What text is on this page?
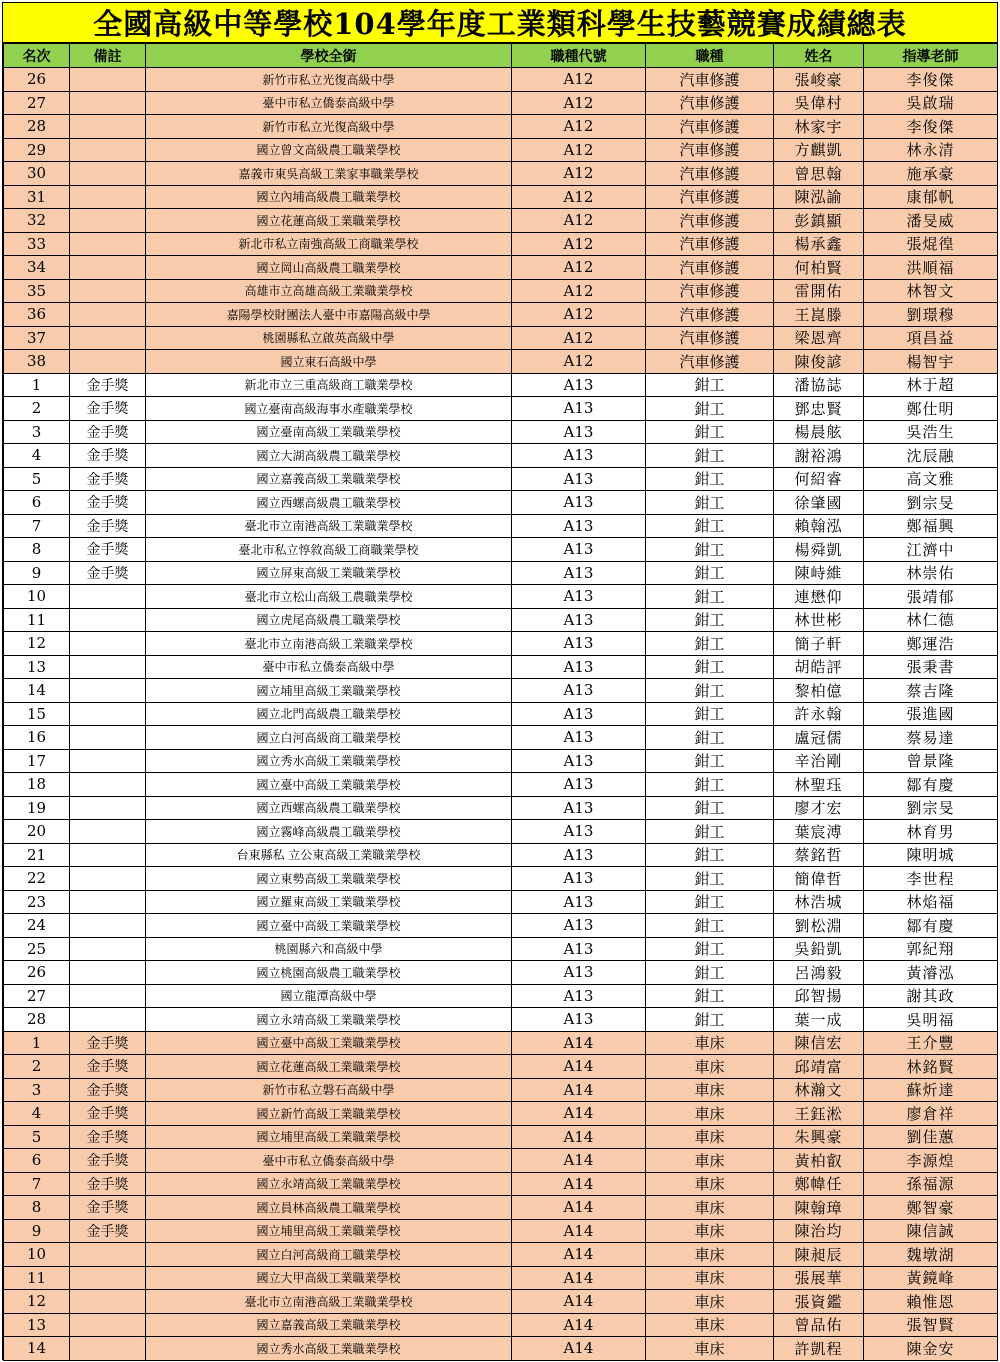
全國高級中等學校104學年度工業類科學生技藝競賽成績總表
名次	備註	學校全銜	職種代號	職種	姓名	指導老師
26		新竹市私立光復高級中學	A12	汽車修護	張峻豪	李俊傑
27		臺中市私立僑泰高級中學	A12	汽車修護	吳偉村	吳啟瑞
28		新竹市私立光復高級中學	A12	汽車修護	林家宇	李俊傑
29		國立曾文高級農工職業學校	A12	汽車修護	方麒凱	林永清
30		嘉義市東吳高級工業家事職業學校	A12	汽車修護	曾思翰	施承豪
31		國立內埔高級農工職業學校	A12	汽車修護	陳泓諭	康郁帆
32		國立花蓮高級工業職業學校	A12	汽車修護	彭鎮顯	潘旻威
33		新北市私立南強高級工商職業學校	A12	汽車修護	楊承鑫	張焜徨
34		國立岡山高級農工職業學校	A12	汽車修護	何柏賢	洪順福
35		高雄市立高雄高級工業職業學校	A12	汽車修護	雷開佑	林智文
36		嘉陽學校財團法人臺中市嘉陽高級中學	A12	汽車修護	王崑滕	劉璟穆
37		桃園縣私立啟英高級中學	A12	汽車修護	梁恩齊	項昌益
38		國立東石高級中學	A12	汽車修護	陳俊諺	楊智宇
1	金手獎	新北市立三重高級商工職業學校	A13	鉗工	潘協誌	林于超
2	金手獎	國立臺南高級海事水產職業學校	A13	鉗工	鄧忠賢	鄭仕明
3	金手獎	國立臺南高級工業職業學校	A13	鉗工	楊晨舷	吳浩生
4	金手獎	國立大湖高級農工職業學校	A13	鉗工	謝裕鴻	沈辰融
5	金手獎	國立嘉義高級工業職業學校	A13	鉗工	何紹睿	高文雅
6	金手獎	國立西螺高級農工職業學校	A13	鉗工	徐肇國	劉宗旻
7	金手獎	臺北市立南港高級工業職業學校	A13	鉗工	賴翰泓	鄭福興
8	金手獎	臺北市私立惇敘高級工商職業學校	A13	鉗工	楊舜凱	江濟中
9	金手獎	國立屏東高級工業職業學校	A13	鉗工	陳峙維	林崇佑
10		臺北市立松山高級工農職業學校	A13	鉗工	連懋仰	張靖郁
11		國立虎尾高級農工職業學校	A13	鉗工	林世彬	林仁德
12		臺北市立南港高級工業職業學校	A13	鉗工	簡子軒	鄭運浩
13		臺中市私立僑泰高級中學	A13	鉗工	胡皓評	張秉書
14		國立埔里高級工業職業學校	A13	鉗工	黎柏億	蔡吉隆
15		國立北門高級農工職業學校	A13	鉗工	許永翰	張進國
16		國立白河高級商工職業學校	A13	鉗工	盧冠儒	蔡易達
17		國立秀水高級工業職業學校	A13	鉗工	辛治剛	曾景隆
18		國立臺中高級工業職業學校	A13	鉗工	林聖珏	鄒有慶
19		國立西螺高級農工職業學校	A13	鉗工	廖才宏	劉宗旻
20		國立霧峰高級農工職業學校	A13	鉗工	葉宸溥	林育男
21		台東縣私 立公東高級工業職業學校	A13	鉗工	蔡銘哲	陳明城
22		國立東勢高級工業職業學校	A13	鉗工	簡偉哲	李世程
23		國立羅東高級工業職業學校	A13	鉗工	林浩城	林焰福
24		國立臺中高級工業職業學校	A13	鉗工	劉松淵	鄒有慶
25		桃園縣六和高級中學	A13	鉗工	吳鉛凱	郭紀翔
26		國立桃園高級農工職業學校	A13	鉗工	呂鴻毅	黃濬泓
27		國立龍潭高級中學	A13	鉗工	邱智揚	謝其政
28		國立永靖高級工業職業學校	A13	鉗工	葉一成	吳明福
1	金手獎	國立臺中高級工業職業學校	A14	車床	陳信宏	王介豐
2	金手獎	國立花蓮高級工業職業學校	A14	車床	邱靖富	林銘賢
3	金手獎	新竹市私立磐石高級中學	A14	車床	林瀚文	蘇炘達
4	金手獎	國立新竹高級工業職業學校	A14	車床	王鈺淞	廖倉祥
5	金手獎	國立埔里高級工業職業學校	A14	車床	朱興豪	劉佳蕙
6	金手獎	臺中市私立僑泰高級中學	A14	車床	黃柏叡	李源煌
7	金手獎	國立永靖高級工業職業學校	A14	車床	鄭幃任	孫福源
8	金手獎	國立員林高級農工職業學校	A14	車床	陳翰璋	鄭智豪
9	金手獎	國立埔里高級工業職業學校	A14	車床	陳治均	陳信誠
10		國立白河高級商工職業學校	A14	車床	陳昶辰	魏墩湖
11		國立大甲高級工業職業學校	A14	車床	張展華	黃鏡峰
12		臺北市立南港高級工業職業學校	A14	車床	張資鑑	賴惟恩
13		國立嘉義高級工業職業學校	A14	車床	曾品佑	張智賢
14		國立秀水高級工業職業學校	A14	車床	許凱程	陳金安
